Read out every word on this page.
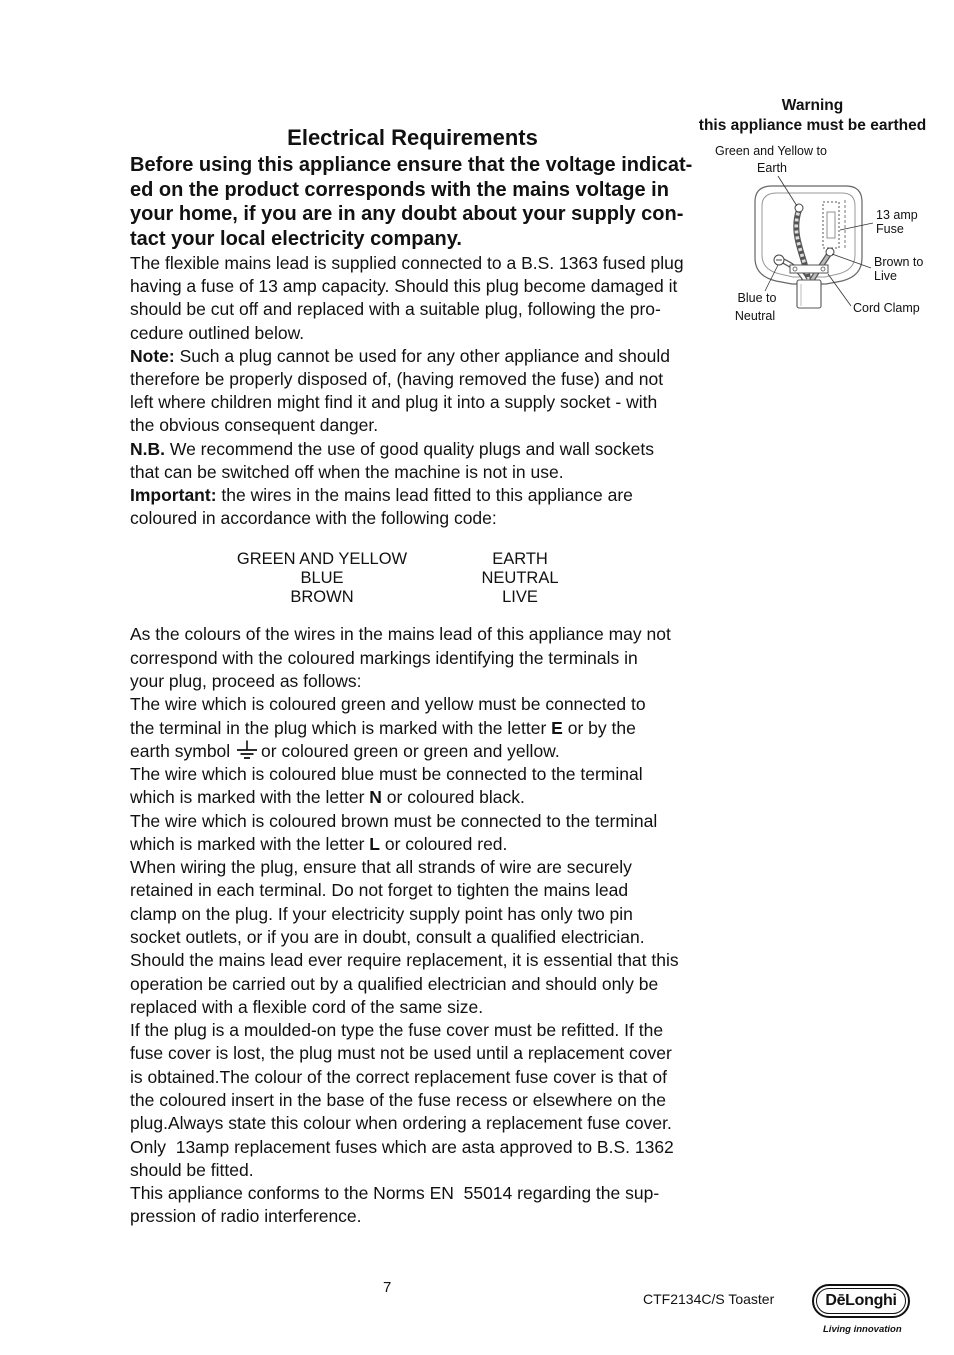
Warning
this appliance must be earthed
Green and Yellow to
Earth
13 amp
Fuse
Brown to
Live
Blue to
Neutral
Cord Clamp
Electrical Requirements
Before using this appliance ensure that the voltage indicat-
ed on the product corresponds with the mains voltage in
your home, if you are in any doubt about your supply con-
tact your local electricity company.
The flexible mains lead is supplied connected to a B.S. 1363 fused plug
having a fuse of 13 amp capacity. Should this plug become damaged it
should be cut off and replaced with a suitable plug, following the pro-
cedure outlined below.
Note: Such a plug cannot be used for any other appliance and should
therefore be properly disposed of, (having removed the fuse) and not
left where children might find it and plug it into a supply socket - with
the obvious consequent danger.
N.B. We recommend the use of good quality plugs and wall sockets
that can be switched off when the machine is not in use.
Important: the wires in the mains lead fitted to this appliance are
coloured in accordance with the following code:
GREEN AND YELLOW
BLUE
BROWN
EARTH
NEUTRAL
LIVE
As the colours of the wires in the mains lead of this appliance may not
correspond with the coloured markings identifying the terminals in
your plug, proceed as follows:
The wire which is coloured green and yellow must be connected to
the terminal in the plug which is marked with the letter E or by the
earth symbol
or coloured green or green and yellow.
The wire which is coloured blue must be connected to the terminal
which is marked with the letter N or coloured black.
The wire which is coloured brown must be connected to the terminal
which is marked with the letter L or coloured red.
When wiring the plug, ensure that all strands of wire are securely
retained in each terminal. Do not forget to tighten the mains lead
clamp on the plug. If your electricity supply point has only two pin
socket outlets, or if you are in doubt, consult a qualified electrician.
Should the mains lead ever require replacement, it is essential that this
operation be carried out by a qualified electrician and should only be
replaced with a flexible cord of the same size.
If the plug is a moulded-on type the fuse cover must be refitted. If the
fuse cover is lost, the plug must not be used until a replacement cover
is obtained.The colour of the correct replacement fuse cover is that of
the coloured insert in the base of the fuse recess or elsewhere on the
plug.Always state this colour when ordering a replacement fuse cover.
Only  13amp replacement fuses which are asta approved to B.S. 1362
should be fitted.
This appliance conforms to the Norms EN  55014 regarding the sup-
pression of radio interference.
7
CTF2134C/S Toaster	DēLonghi
Living innovation
